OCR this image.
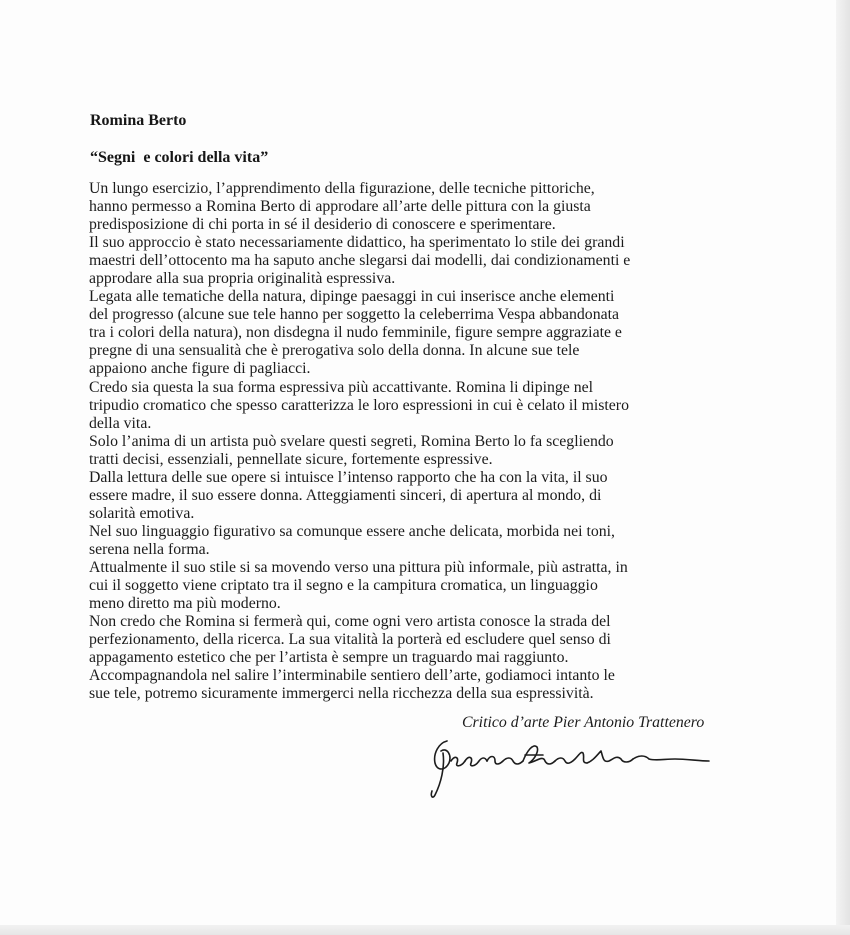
Romina Berto

“Segni  e colori della vita”

Un lungo esercizio, l’apprendimento della figurazione, delle tecniche pittoriche,
hanno permesso a Romina Berto di approdare all’arte delle pittura con la giusta
predisposizione di chi porta in sé il desiderio di conoscere e sperimentare.
Il suo approccio è stato necessariamente didattico, ha sperimentato lo stile dei grandi
maestri dell’ottocento ma ha saputo anche slegarsi dai modelli, dai condizionamenti e
approdare alla sua propria originalità espressiva.
Legata alle tematiche della natura, dipinge paesaggi in cui inserisce anche elementi
del progresso (alcune sue tele hanno per soggetto la celeberrima Vespa abbandonata
tra i colori della natura), non disdegna il nudo femminile, figure sempre aggraziate e
pregne di una sensualità che è prerogativa solo della donna. In alcune sue tele
appaiono anche figure di pagliacci.
Credo sia questa la sua forma espressiva più accattivante. Romina li dipinge nel
tripudio cromatico che spesso caratterizza le loro espressioni in cui è celato il mistero
della vita.
Solo l’anima di un artista può svelare questi segreti, Romina Berto lo fa scegliendo
tratti decisi, essenziali, pennellate sicure, fortemente espressive.
Dalla lettura delle sue opere si intuisce l’intenso rapporto che ha con la vita, il suo
essere madre, il suo essere donna. Atteggiamenti sinceri, di apertura al mondo, di
solarità emotiva.
Nel suo linguaggio figurativo sa comunque essere anche delicata, morbida nei toni,
serena nella forma.
Attualmente il suo stile si sa movendo verso una pittura più informale, più astratta, in
cui il soggetto viene criptato tra il segno e la campitura cromatica, un linguaggio
meno diretto ma più moderno.
Non credo che Romina si fermerà qui, come ogni vero artista conosce la strada del
perfezionamento, della ricerca. La sua vitalità la porterà ed escludere quel senso di
appagamento estetico che per l’artista è sempre un traguardo mai raggiunto.
Accompagnandola nel salire l’interminabile sentiero dell’arte, godiamoci intanto le
sue tele, potremo sicuramente immergerci nella ricchezza della sua espressività.

Critico d’arte Pier Antonio Trattenero
